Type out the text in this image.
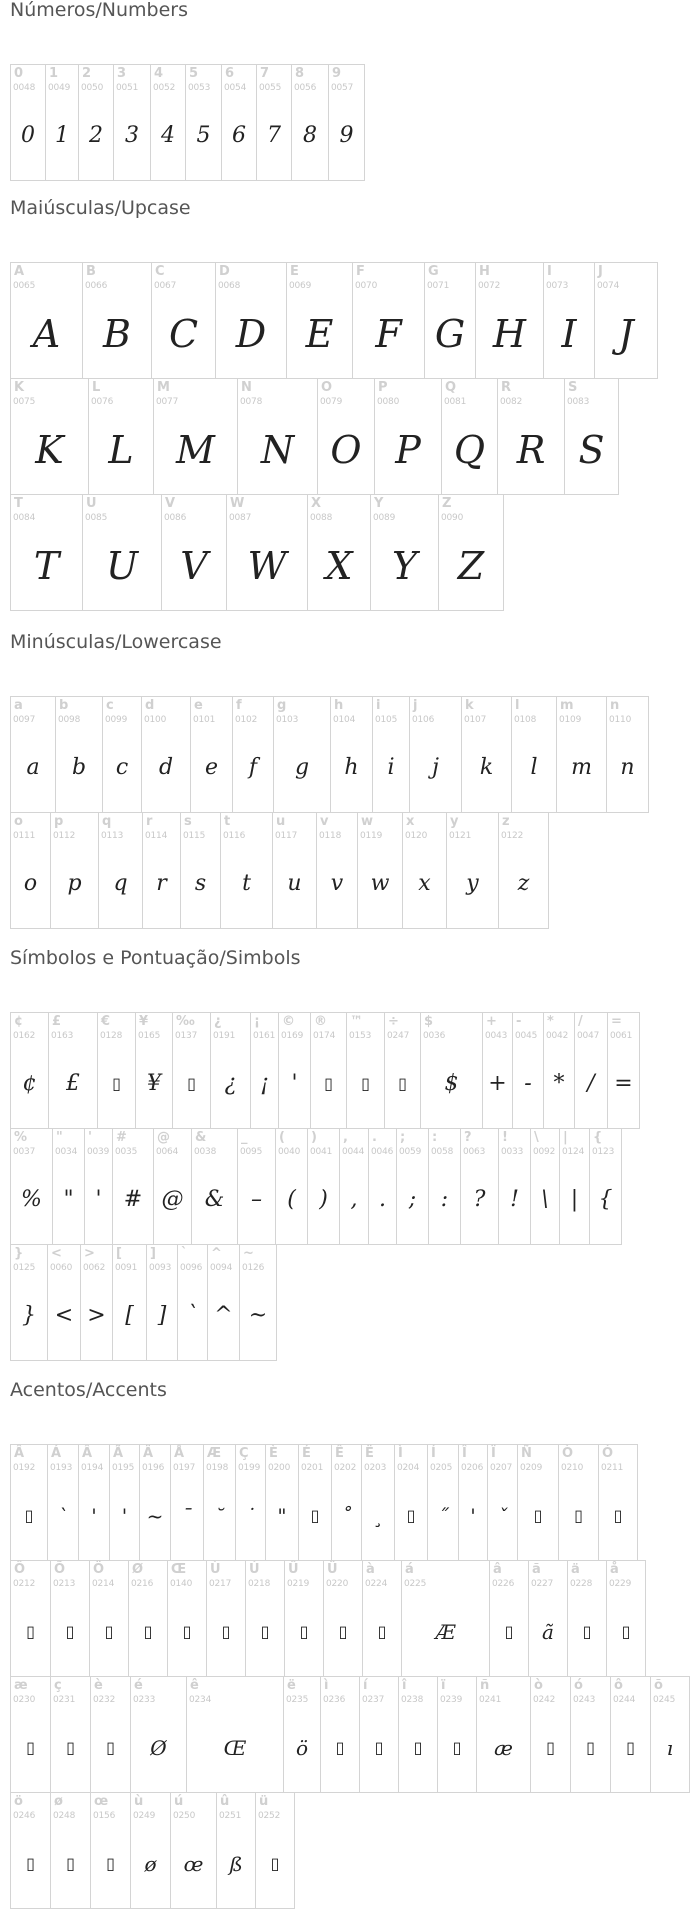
Números/Numbers
0
0048
0
1
0049
1
2
0050
2
3
0051
3
4
0052
4
5
0053
5
6
0054
6
7
0055
7
8
0056
8
9
0057
9
Maiúsculas/Upcase
A
0065
A
B
0066
B
C
0067
C
D
0068
D
E
0069
E
F
0070
F
G
0071
G
H
0072
H
I
0073
I
J
0074
J
K
0075
K
L
0076
L
M
0077
M
N
0078
N
O
0079
O
P
0080
P
Q
0081
Q
R
0082
R
S
0083
S
T
0084
T
U
0085
U
V
0086
V
W
0087
W
X
0088
X
Y
0089
Y
Z
0090
Z
Minúsculas/Lowercase
a
0097
a
b
0098
b
c
0099
c
d
0100
d
e
0101
e
f
0102
f
g
0103
g
h
0104
h
i
0105
i
j
0106
j
k
0107
k
l
0108
l
m
0109
m
n
0110
n
o
0111
o
p
0112
p
q
0113
q
r
0114
r
s
0115
s
t
0116
t
u
0117
u
v
0118
v
w
0119
w
x
0120
x
y
0121
y
z
0122
z
Símbolos e Pontuação/Simbols
¢
0162
¢
£
0163
£
€
0128
▯
¥
0165
¥
‰
0137
▯
¿
0191
¿
¡
0161
¡
©
0169
'
®
0174
▯
™
0153
▯
÷
0247
▯
$
0036
$
+
0043
+
-
0045
-
*
0042
*
/
0047
/
=
0061
=
%
0037
%
"
0034
"
'
0039
'
#
0035
#
@
0064
@
&
0038
&
_
0095
–
(
0040
(
)
0041
)
,
0044
,
.
0046
.
;
0059
;
:
0058
:
?
0063
?
!
0033
!
\
0092
\
|
0124
|
{
0123
{
}
0125
}
<
0060
<
>
0062
>
[
0091
[
]
0093
]
`
0096
`
^
0094
^
~
0126
~
Acentos/Accents
Â
0192
▯
Á
0193
`
Â
0194
'
Ã
0195
'
Ä
0196
~
Å
0197
¯
Æ
0198
˘
Ç
0199
˙
È
0200
"
É
0201
▯
Ê
0202
˚
Ë
0203
¸
Ì
0204
▯
Í
0205
˝
Î
0206
'
Ï
0207
ˇ
Ñ
0209
▯
Ò
0210
▯
Ó
0211
▯
Ô
0212
▯
Õ
0213
▯
Ö
0214
▯
Ø
0216
▯
Œ
0140
▯
Ù
0217
▯
Ú
0218
▯
Û
0219
▯
Ü
0220
▯
à
0224
▯
á
0225
Æ
â
0226
▯
ã
0227
ã
ä
0228
▯
å
0229
▯
æ
0230
▯
ç
0231
▯
è
0232
▯
é
0233
Ø
ê
0234
Œ
ë
0235
ö
ì
0236
▯
í
0237
▯
î
0238
▯
ï
0239
▯
ñ
0241
æ
ò
0242
▯
ó
0243
▯
ô
0244
▯
õ
0245
ı
ö
0246
▯
ø
0248
▯
œ
0156
▯
ù
0249
ø
ú
0250
œ
û
0251
ß
ü
0252
▯
